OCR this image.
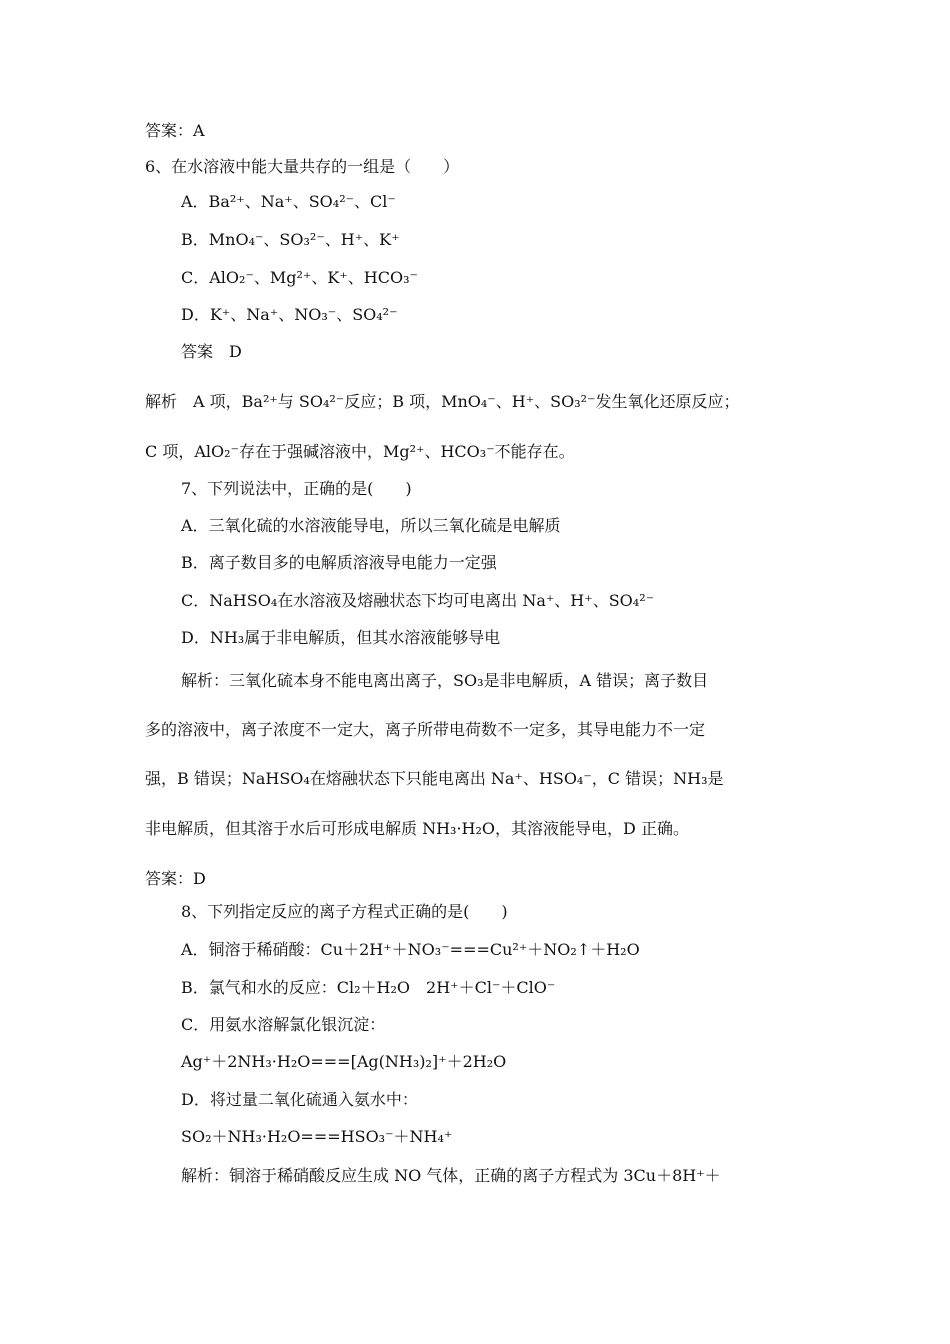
答案：A
6、在水溶液中能大量共存的一组是（　　）
A．Ba²⁺、Na⁺、SO₄²⁻、Cl⁻
B．MnO₄⁻、SO₃²⁻、H⁺、K⁺
C．AlO₂⁻、Mg²⁺、K⁺、HCO₃⁻
D．K⁺、Na⁺、NO₃⁻、SO₄²⁻
答案　D
解析　A 项，Ba²⁺与 SO₄²⁻反应；B 项，MnO₄⁻、H⁺、SO₃²⁻发生氧化还原反应；
C 项，AlO₂⁻存在于强碱溶液中，Mg²⁺、HCO₃⁻不能存在。
7、下列说法中，正确的是(　　)
A．三氧化硫的水溶液能导电，所以三氧化硫是电解质
B．离子数目多的电解质溶液导电能力一定强
C．NaHSO₄在水溶液及熔融状态下均可电离出 Na⁺、H⁺、SO₄²⁻
D．NH₃属于非电解质，但其水溶液能够导电
解析：三氧化硫本身不能电离出离子，SO₃是非电解质，A 错误；离子数目
多的溶液中，离子浓度不一定大，离子所带电荷数不一定多，其导电能力不一定
强，B 错误；NaHSO₄在熔融状态下只能电离出 Na⁺、HSO₄⁻，C 错误；NH₃是
非电解质，但其溶于水后可形成电解质 NH₃·H₂O，其溶液能导电，D 正确。
答案：D
8、下列指定反应的离子方程式正确的是(　　)
A．铜溶于稀硝酸：Cu＋2H⁺＋NO₃⁻===Cu²⁺＋NO₂↑＋H₂O
B．氯气和水的反应：Cl₂＋H₂O　2H⁺＋Cl⁻＋ClO⁻
C．用氨水溶解氯化银沉淀：
Ag⁺＋2NH₃·H₂O===[Ag(NH₃)₂]⁺＋2H₂O
D．将过量二氧化硫通入氨水中：
SO₂＋NH₃·H₂O===HSO₃⁻＋NH₄⁺
解析：铜溶于稀硝酸反应生成 NO 气体，正确的离子方程式为 3Cu＋8H⁺＋
